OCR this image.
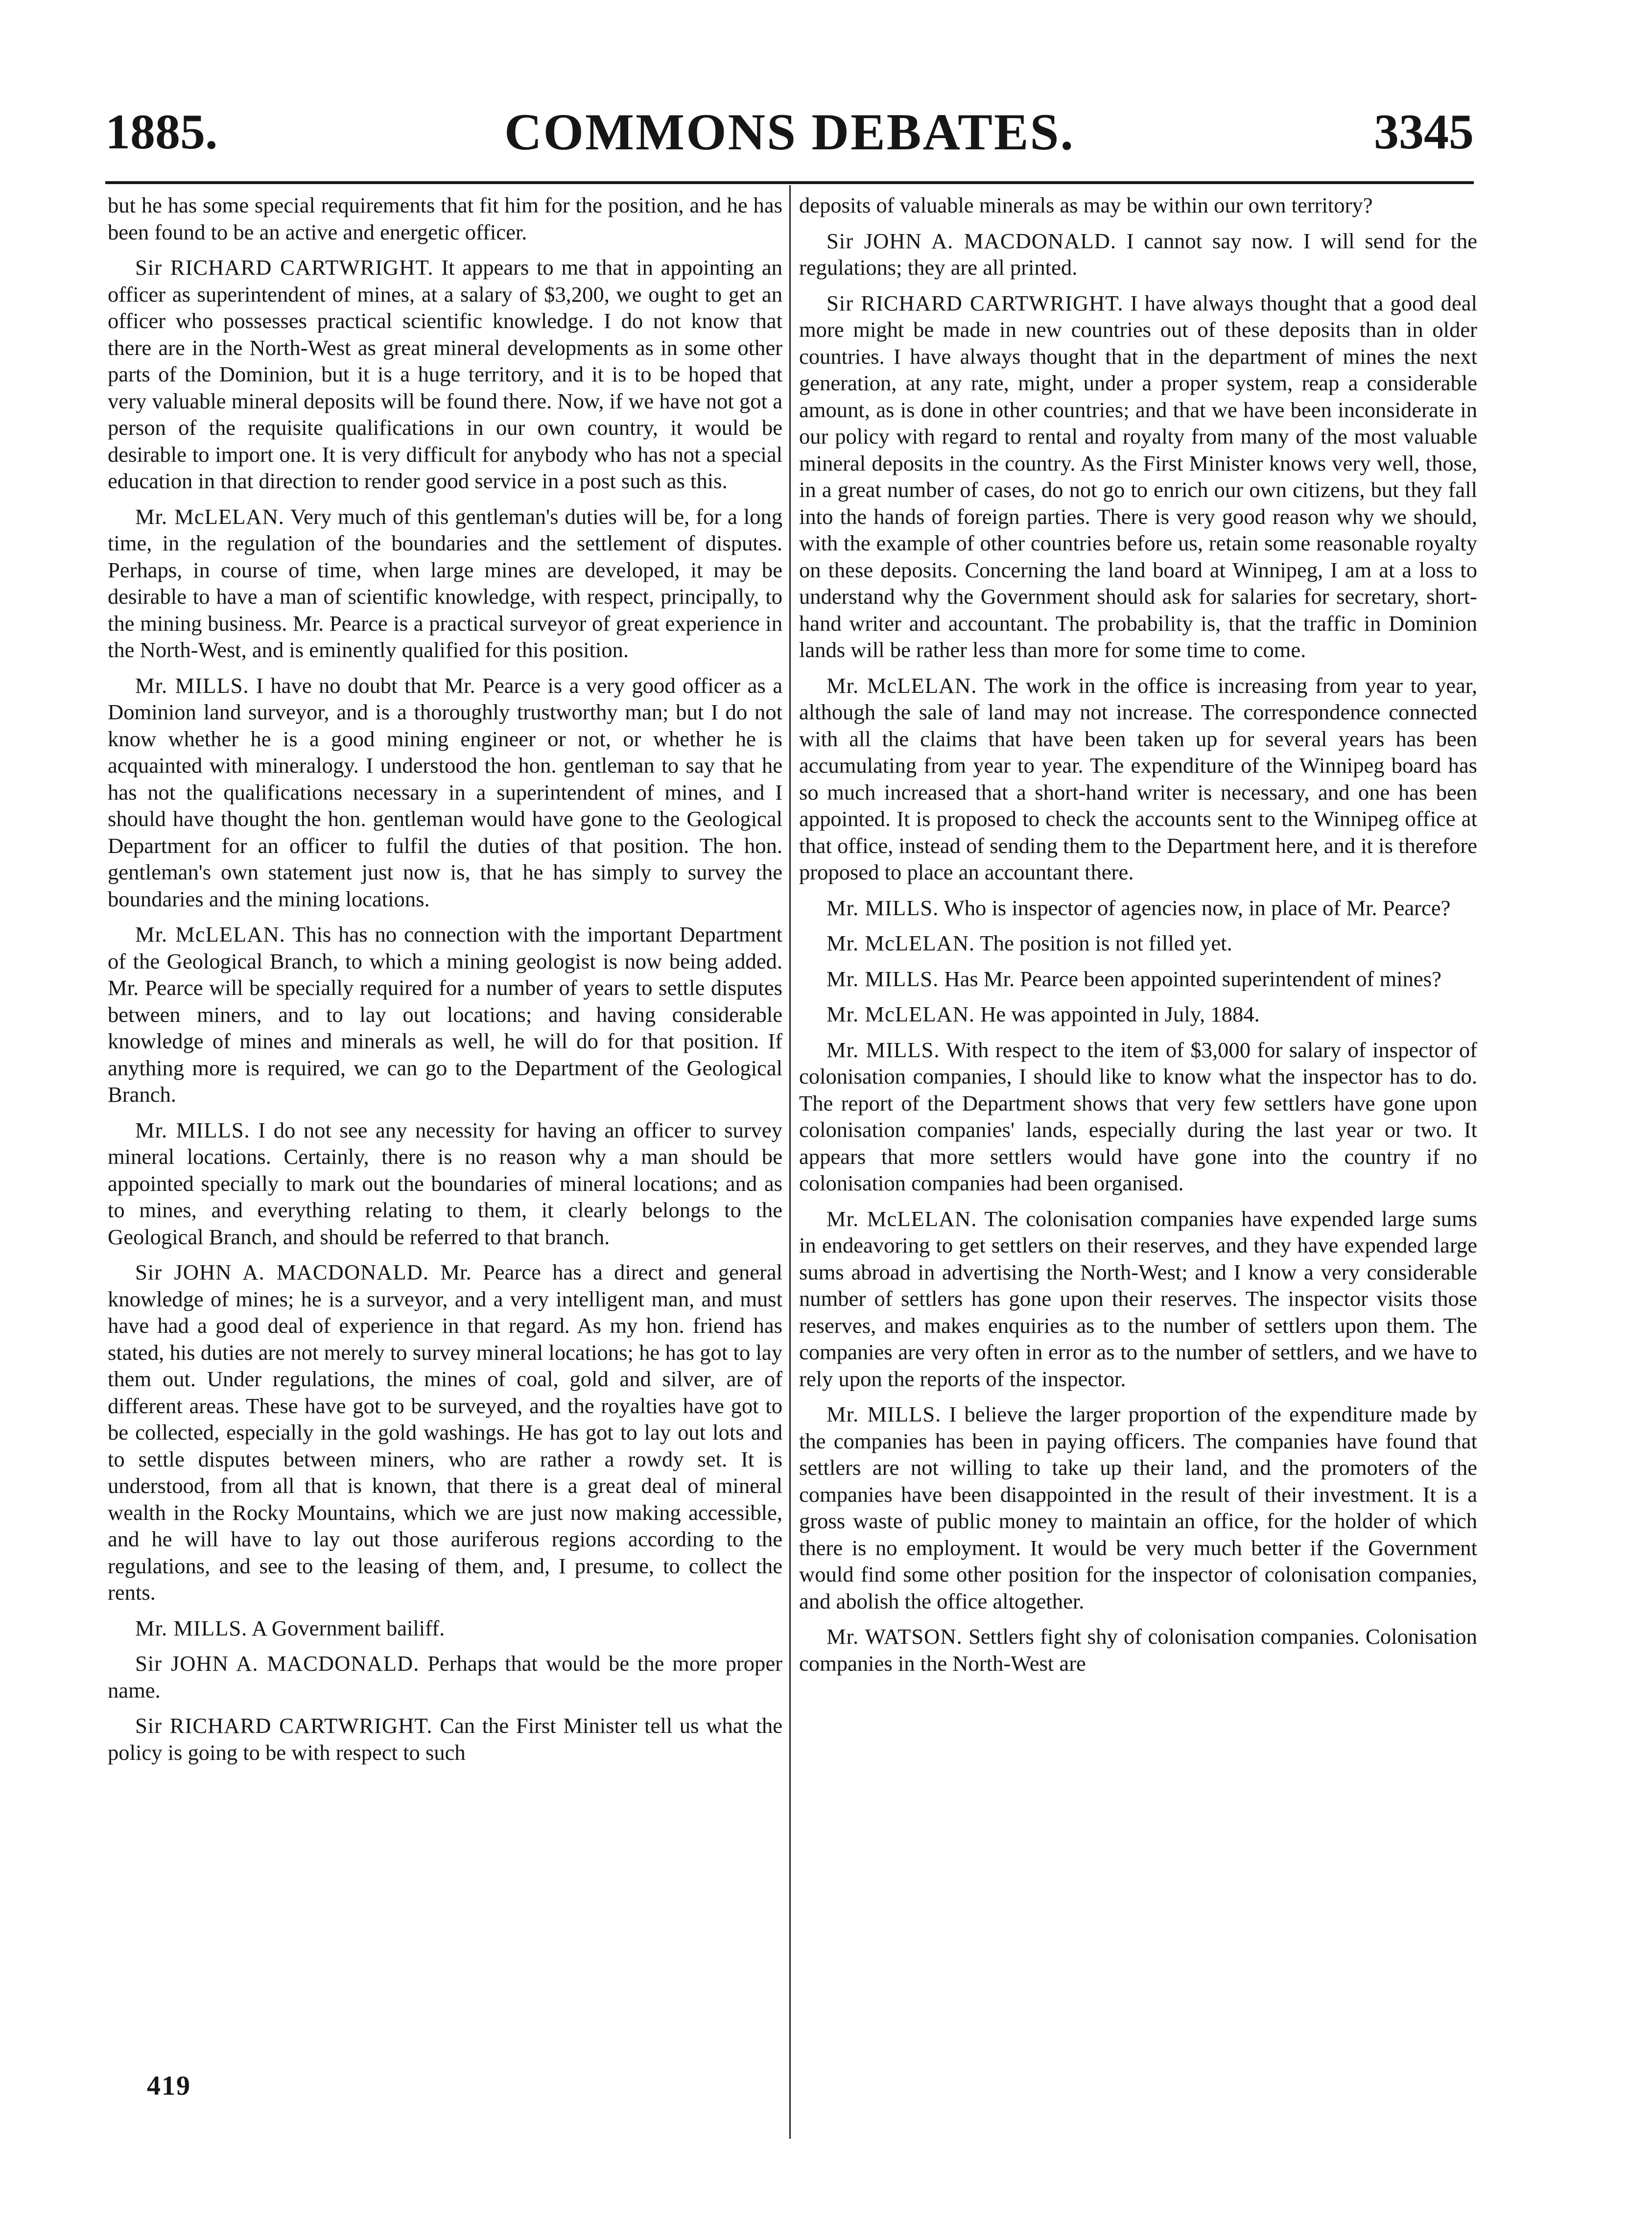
1885.	COMMONS DEBATES.	3345

but he has some special requirements that fit him for the position, and he has been found to be an active and energetic officer.

Sir RICHARD CARTWRIGHT. It appears to me that in appointing an officer as superintendent of mines, at a salary of $3,200, we ought to get an officer who possesses practical scientific knowledge. I do not know that there are in the North-West as great mineral developments as in some other parts of the Dominion, but it is a huge territory, and it is to be hoped that very valuable mineral deposits will be found there. Now, if we have not got a person of the requisite qualifications in our own country, it would be desirable to import one. It is very difficult for anybody who has not a special education in that direction to render good service in a post such as this.

Mr. McLELAN. Very much of this gentleman's duties will be, for a long time, in the regulation of the boundaries and the settlement of disputes. Perhaps, in course of time, when large mines are developed, it may be desirable to have a man of scientific knowledge, with respect, principally, to the mining business. Mr. Pearce is a practical surveyor of great experience in the North-West, and is eminently qualified for this position.

Mr. MILLS. I have no doubt that Mr. Pearce is a very good officer as a Dominion land surveyor, and is a thoroughly trustworthy man; but I do not know whether he is a good mining engineer or not, or whether he is acquainted with mineralogy. I understood the hon. gentleman to say that he has not the qualifications necessary in a superintendent of mines, and I should have thought the hon. gentleman would have gone to the Geological Department for an officer to fulfil the duties of that position. The hon. gentleman's own statement just now is, that he has simply to survey the boundaries and the mining locations.

Mr. McLELAN. This has no connection with the important Department of the Geological Branch, to which a mining geologist is now being added. Mr. Pearce will be specially required for a number of years to settle disputes between miners, and to lay out locations; and having considerable knowledge of mines and minerals as well, he will do for that position. If anything more is required, we can go to the Department of the Geological Branch.

Mr. MILLS. I do not see any necessity for having an officer to survey mineral locations. Certainly, there is no reason why a man should be appointed specially to mark out the boundaries of mineral locations; and as to mines, and everything relating to them, it clearly belongs to the Geological Branch, and should be referred to that branch.

Sir JOHN A. MACDONALD. Mr. Pearce has a direct and general knowledge of mines; he is a surveyor, and a very intelligent man, and must have had a good deal of experience in that regard. As my hon. friend has stated, his duties are not merely to survey mineral locations; he has got to lay them out. Under regulations, the mines of coal, gold and silver, are of different areas. These have got to be surveyed, and the royalties have got to be collected, especially in the gold washings. He has got to lay out lots and to settle disputes between miners, who are rather a rowdy set. It is understood, from all that is known, that there is a great deal of mineral wealth in the Rocky Mountains, which we are just now making accessible, and he will have to lay out those auriferous regions according to the regulations, and see to the leasing of them, and, I presume, to collect the rents.

Mr. MILLS. A Government bailiff.

Sir JOHN A. MACDONALD. Perhaps that would be the more proper name.

Sir RICHARD CARTWRIGHT. Can the First Minister tell us what the policy is going to be with respect to such

deposits of valuable minerals as may be within our own territory?

Sir JOHN A. MACDONALD. I cannot say now. I will send for the regulations; they are all printed.

Sir RICHARD CARTWRIGHT. I have always thought that a good deal more might be made in new countries out of these deposits than in older countries. I have always thought that in the department of mines the next generation, at any rate, might, under a proper system, reap a considerable amount, as is done in other countries; and that we have been inconsiderate in our policy with regard to rental and royalty from many of the most valuable mineral deposits in the country. As the First Minister knows very well, those, in a great number of cases, do not go to enrich our own citizens, but they fall into the hands of foreign parties. There is very good reason why we should, with the example of other countries before us, retain some reasonable royalty on these deposits. Concerning the land board at Winnipeg, I am at a loss to understand why the Government should ask for salaries for secretary, short-hand writer and accountant. The probability is, that the traffic in Dominion lands will be rather less than more for some time to come.

Mr. McLELAN. The work in the office is increasing from year to year, although the sale of land may not increase. The correspondence connected with all the claims that have been taken up for several years has been accumulating from year to year. The expenditure of the Winnipeg board has so much increased that a short-hand writer is necessary, and one has been appointed. It is proposed to check the accounts sent to the Winnipeg office at that office, instead of sending them to the Department here, and it is therefore proposed to place an accountant there.

Mr. MILLS. Who is inspector of agencies now, in place of Mr. Pearce?

Mr. McLELAN. The position is not filled yet.

Mr. MILLS. Has Mr. Pearce been appointed superintendent of mines?

Mr. McLELAN. He was appointed in July, 1884.

Mr. MILLS. With respect to the item of $3,000 for salary of inspector of colonisation companies, I should like to know what the inspector has to do. The report of the Department shows that very few settlers have gone upon colonisation companies' lands, especially during the last year or two. It appears that more settlers would have gone into the country if no colonisation companies had been organised.

Mr. McLELAN. The colonisation companies have expended large sums in endeavoring to get settlers on their reserves, and they have expended large sums abroad in advertising the North-West; and I know a very considerable number of settlers has gone upon their reserves. The inspector visits those reserves, and makes enquiries as to the number of settlers upon them. The companies are very often in error as to the number of settlers, and we have to rely upon the reports of the inspector.

Mr. MILLS. I believe the larger proportion of the expenditure made by the companies has been in paying officers. The companies have found that settlers are not willing to take up their land, and the promoters of the companies have been disappointed in the result of their investment. It is a gross waste of public money to maintain an office, for the holder of which there is no employment. It would be very much better if the Government would find some other position for the inspector of colonisation companies, and abolish the office altogether.

Mr. WATSON. Settlers fight shy of colonisation companies. Colonisation companies in the North-West are

419
